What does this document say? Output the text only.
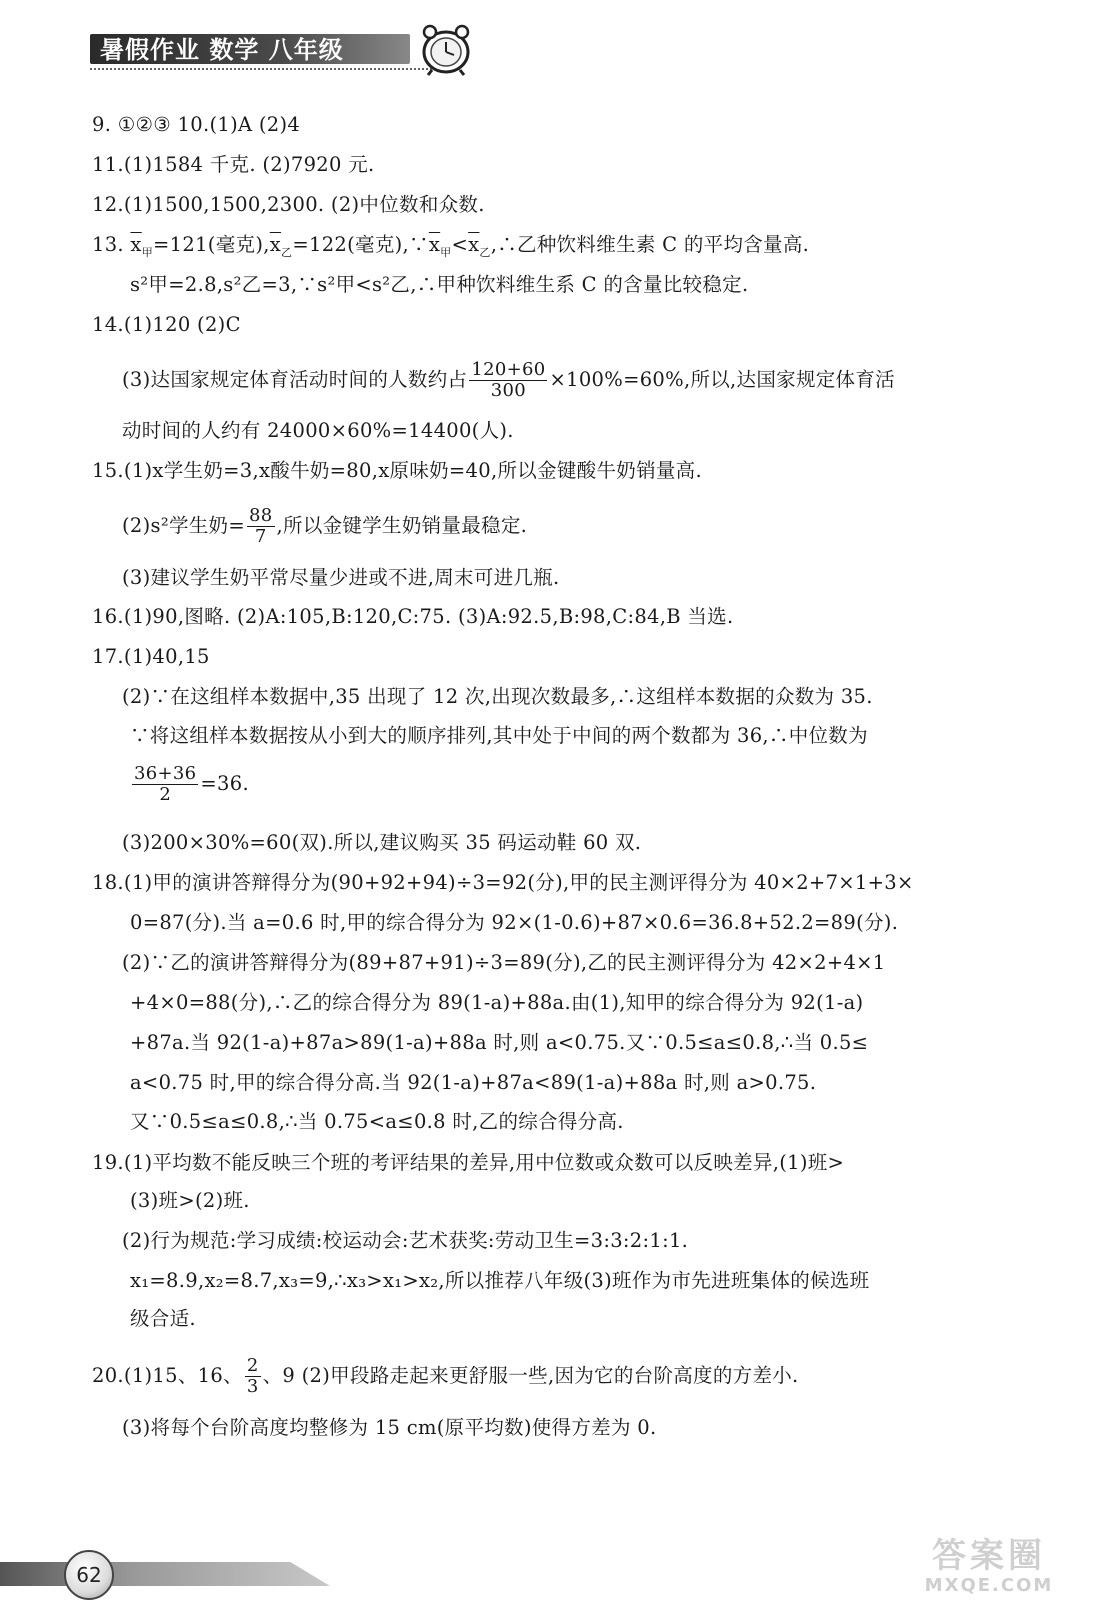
暑假作业 数学 八年级
9. ①②③ 10.(1)A (2)4
11.(1)1584 千克. (2)7920 元.
12.(1)1500,1500,2300. (2)中位数和众数.
13. $\overline{x}_甲=121$(毫克)$,\overline{x}_乙=122$(毫克)$,\because\overline{x}_甲<\overline{x}_乙,\therefore$乙种饮料维生素 C 的平均含量高.
s²甲=2.8,s²乙=3,∵s²甲<s²乙,∴甲种饮料维生系 C 的含量比较稳定.
14.(1)120 (2)C
(3)达国家规定体育活动时间的人数约占 $\frac{120+60}{300} \times 100\%=60\%$,所以,达国家规定体育活
动时间的人约有 24000×60%=14400(人).
15.(1)x学生奶=3,x酸牛奶=80,x原味奶=40,所以金键酸牛奶销量高.
(2)s²学生奶= $\frac{88}{7}$ ,所以金键学生奶销量最稳定.
(3)建议学生奶平常尽量少进或不进,周末可进几瓶.
16.(1)90,图略. (2)A:105,B:120,C:75. (3)A:92.5,B:98,C:84,B 当选.
17.(1)40,15
(2)∵在这组样本数据中,35 出现了 12 次,出现次数最多,∴这组样本数据的众数为 35.
∵将这组样本数据按从小到大的顺序排列,其中处于中间的两个数都为 36,∴中位数为
$\frac{36+36}{2} =36$.
(3)200×30%=60(双).所以,建议购买 35 码运动鞋 60 双.
18.(1)甲的演讲答辩得分为(90+92+94)÷3=92(分),甲的民主测评得分为 40×2+7×1+3×
0=87(分).当 a=0.6 时,甲的综合得分为 92×(1-0.6)+87×0.6=36.8+52.2=89(分).
(2)∵乙的演讲答辩得分为(89+87+91)÷3=89(分),乙的民主测评得分为 42×2+4×1
+4×0=88(分),∴乙的综合得分为 89(1-a)+88a.由(1),知甲的综合得分为 92(1-a)
+87a.当 92(1-a)+87a>89(1-a)+88a 时,则 a<0.75.又∵0.5≤a≤0.8,∴当 0.5≤
a<0.75 时,甲的综合得分高.当 92(1-a)+87a<89(1-a)+88a 时,则 a>0.75.
又∵0.5≤a≤0.8,∴当 0.75<a≤0.8 时,乙的综合得分高.
19.(1)平均数不能反映三个班的考评结果的差异,用中位数或众数可以反映差异,(1)班>
(3)班>(2)班.
(2)行为规范:学习成绩:校运动会:艺术获奖:劳动卫生=3:3:2:1:1.
x₁=8.9,x₂=8.7,x₃=9,∴x₃>x₁>x₂,所以推荐八年级(3)班作为市先进班集体的候选班
级合适.
20.(1)15、16、 $\frac{2}{3}$ 、9 (2)甲段路走起来更舒服一些,因为它的台阶高度的方差小.
(3)将每个台阶高度均整修为 15 cm(原平均数)使得方差为 0.
62	答案圈
MXQE.COM
